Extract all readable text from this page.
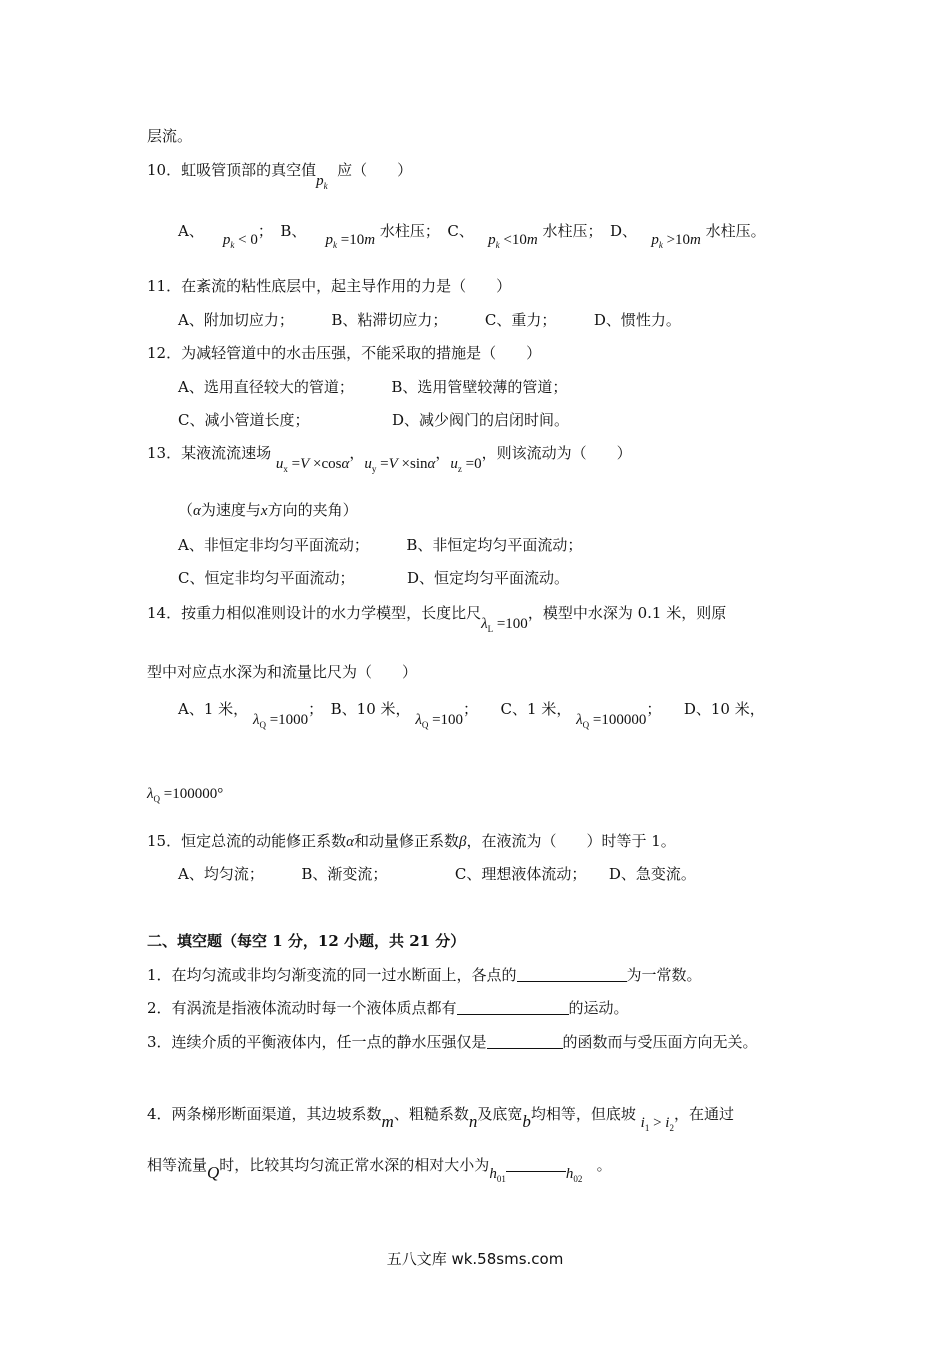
层流。
10．虹吸管顶部的真空值$p_k$  应（　　）
A、 $p_k < 0$；　B、 $p_k =10m$ 水柱压；　C、 $p_k <10m$ 水柱压；　D、 $p_k >10m$ 水柱压。
11．在紊流的粘性底层中，起主导作用的力是（　　）
A、附加切应力；　　　B、粘滞切应力；　　　C、重力；　　　D、惯性力。
12．为减轻管道中的水击压强，不能采取的措施是（　　）
A、选用直径较大的管道；　　　B、选用管壁较薄的管道；
C、减小管道长度；　　　　　　D、减少阀门的启闭时间。
13．某液流流速场 $u_x =V \times\cos\alpha$，$u_y =V \times\sin\alpha$，$u_z =0$，则该流动为（　　）
（α为速度与x方向的夹角）
A、非恒定非均匀平面流动；　　　B、非恒定均匀平面流动；
C、恒定非均匀平面流动；　　　　D、恒定均匀平面流动。
14．按重力相似准则设计的水力学模型，长度比尺$\lambda_L =100$，模型中水深为 0.1 米，则原
型中对应点水深为和流量比尺为（　　）
A、1 米， $\lambda_Q =1000$；　B、10 米， $\lambda_Q =100$；　　C、1 米， $\lambda_Q =100000$；　　D、10 米，
$\lambda_Q =100000^\circ$
15．恒定总流的动能修正系数α和动量修正系数β，在液流为（　　）时等于 1。
A、均匀流；　　　B、渐变流；　　　　　C、理想液体流动；　　D、急变流。
二、填空题（每空 1 分，12 小题，共 21 分）
1．在均匀流或非均匀渐变流的同一过水断面上，各点的	为一常数。
2．有涡流是指液体流动时每一个液体质点都有	的运动。
3．连续介质的平衡液体内，任一点的静水压强仅是	的函数而与受压面方向无关。
4．两条梯形断面渠道，其边坡系数m、粗糙系数n及底宽b均相等，但底坡 $i_1 > i_2$，在通过
相等流量Q时，比较其均匀流正常水深的相对大小为$h_{01}$	$h_{02}$   。
五八文库 wk.58sms.com
